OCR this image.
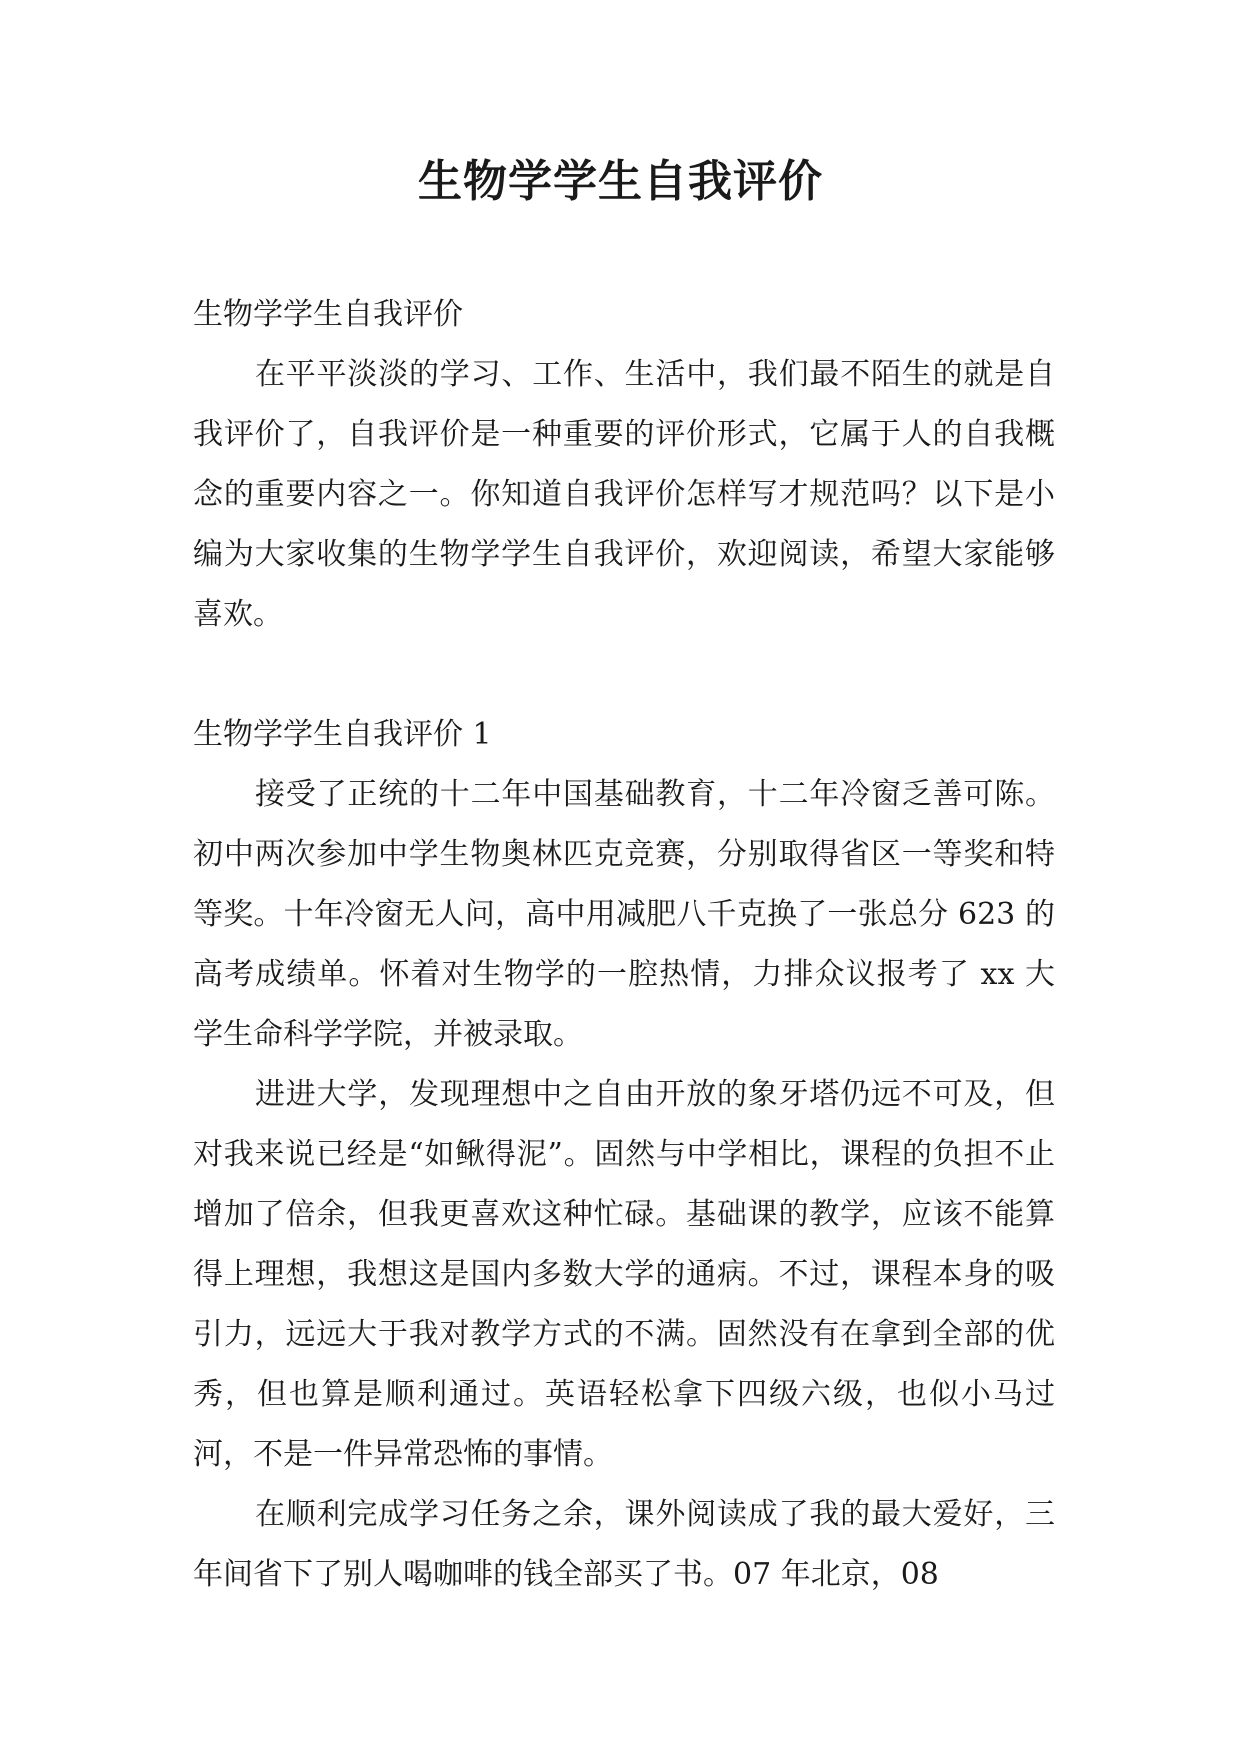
生物学学生自我评价

生物学学生自我评价

在平平淡淡的学习、工作、生活中，我们最不陌生的就是自我评价了，自我评价是一种重要的评价形式，它属于人的自我概念的重要内容之一。你知道自我评价怎样写才规范吗？以下是小编为大家收集的生物学学生自我评价，欢迎阅读，希望大家能够喜欢。

生物学学生自我评价 1

接受了正统的十二年中国基础教育，十二年冷窗乏善可陈。初中两次参加中学生物奥林匹克竞赛，分别取得省区一等奖和特等奖。十年冷窗无人问，高中用减肥八千克换了一张总分 623 的高考成绩单。怀着对生物学的一腔热情，力排众议报考了 xx 大学生命科学学院，并被录取。

进进大学，发现理想中之自由开放的象牙塔仍远不可及，但对我来说已经是“如鳅得泥”。固然与中学相比，课程的负担不止增加了倍余，但我更喜欢这种忙碌。基础课的教学，应该不能算得上理想，我想这是国内多数大学的通病。不过，课程本身的吸引力，远远大于我对教学方式的不满。固然没有在拿到全部的优秀，但也算是顺利通过。英语轻松拿下四级六级，也似小马过河，不是一件异常恐怖的事情。

在顺利完成学习任务之余，课外阅读成了我的最大爱好，三年间省下了别人喝咖啡的钱全部买了书。07 年北京，08
